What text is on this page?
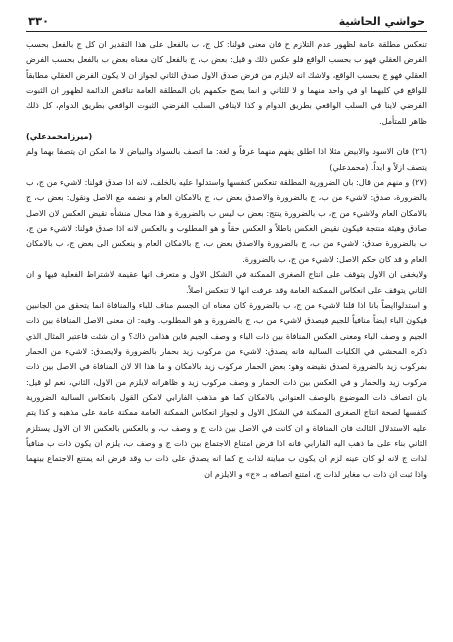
حواشي الحاشية
٣٣٠

تنعكس مطلقة عامة لظهور عدم التلازم ح فان معنى قولنا: كل ج، ب بالفعل على هذا التقدير ان كل ج بالفعل بحسب الفرض العقلي فهو ب بحسب الواقع فلو عكس ذلك و قيل: بعض ب، ج بالفعل كان معناه بعض ب بالفعل بحسب الفرض العقلي فهو ج بحسب الواقع، ولاشك انه لايلزم من فرض صدق الاول صدق الثاني لجواز ان لا يكون الفرض العقلي مطابقاً للواقع في كليهما او في واحد منهما و لا للثاني و انما يصح حكمهم بان المطلقة العامة تناقض الدائمة لظهور ان الثبوت الفرضي لاينا في السلب الواقعي بطريق الدوام و كذا لاينافي السلب الفرضي الثبوت الواقعي بطريق الدوام، كل ذلك ظاهر للمتأمل.
(ميرزامحمدعلي)

(٢٦) فان الاسود والابيض مثلا اذا اطلق يفهم منهما عرفاً و لغة: ما اتصف بالسواد والبياض لا ما امكن ان يتصفا بهما ولم يتصف ازلاً و ابداً. (محمدعلي)

(٢٧) و منهم من قال: بان الضرورية المطلقة تنعكس كنفسها واستدلوا عليه بالخلف، لانه اذا صدق قولنا: لاشيء من ج، ب بالضرورة، صدق: لاشيء من ب، ج بالضرورة والاصدق بعض ب، ج بالامكان العام و نضمه مع الاصل ونقول: بعض ب، ج بالامكان العام ولاشيء من ج، ب بالضرورة ينتج: بعض ب ليس ب بالضرورة و هذا محال منشأه نقيض العكس لان الاصل صادق وهيئة منتجة فيكون نقيض العكس باطلاً و العكس حقاً و هو المطلوب و بالعكس لانه اذا صدق قولنا: لاشيء من ج، ب بالضرورة صدق: لاشيء من ب، ج بالضرورة والاصدق بعض ب، ج بالامكان العام و ينعكس الى بعض ج، ب بالامكان العام و قد كان حكم الاصل: لاشيء من ج، ب بالضرورة.

ولايخفى ان الاول يتوقف على انتاج الصغرى الممكنة في الشكل الاول و متعرف انها عقيمة لاشتراط الفعلية فيها و ان الثاني يتوقف على انعكاس الممكنة العامة وقد عرفت انها لا تنعكس اصلاً.

و استدلواايضاً بانا اذا قلنا لاشيء من ج، ب بالضرورة كان معناه ان الجسم مناف للباء والمنافاة انما يتحقق من الجانبين فيكون الباء ايضاً منافياً للجيم فيصدق لاشيء من ب، ج بالضرورة و هو المطلوب. وفيه: ان معنى الاصل المنافاة بين ذات الجيم و وصف الباء ومعنى العكس المنافاة بين ذات الباء و وصف الجيم فاين هذامن ذاك؟ و ان شئت فاعتبر المثال الذي ذكره المحشي في الكليات السالبة فانه يصدق: لاشيء من مركوب زيد بحمار بالضرورة ولايصدق: لاشيء من الحمار بمركوب زيد بالضرورة لصدق نقيضه وهو: بعض الحمار مركوب زيد بالامكان و ما هذا الا لان المنافاة في الاصل بين ذات مركوب زيد والحمار و في العكس بين ذات الحمار و وصف مركوب زيد و ظاهرانه لايلزم من الاول، الثاني، نعم لو قيل: بان اتصاف ذات الموضوع بالوصف العنواني بالامكان كما هو مذهب الفارابي لامكن القول بانعكاس السالبة الضرورية كنفسها لصحة انتاج الصغرى الممكنة في الشكل الاول و لجواز انعكاس الممكنة العامة ممكنة عامة على مذهبه و كذا يتم عليه الاستدلال الثالث فان المنافاة و ان كانت في الاصل بين ذات ج و وصف ب، و بالعكس بالعكس الا ان الاول يستلزم الثاني بناء على ما ذهب اليه الفارابي فانه اذا فرض امتناع الاجتماع بين ذات ج و وصف ب، يلزم ان يكون ذات ب منافياً لذات ج لانه لو كان عينه لزم ان يكون ب مباينة لذات ج كما انه يصدق على ذات ب وقد فرض انه يمتنع الاجتماع بينهما واذا ثبت ان ذات ب مغاير لذات ج، امتنع اتصافه بـ «ج» و الايلزم ان
